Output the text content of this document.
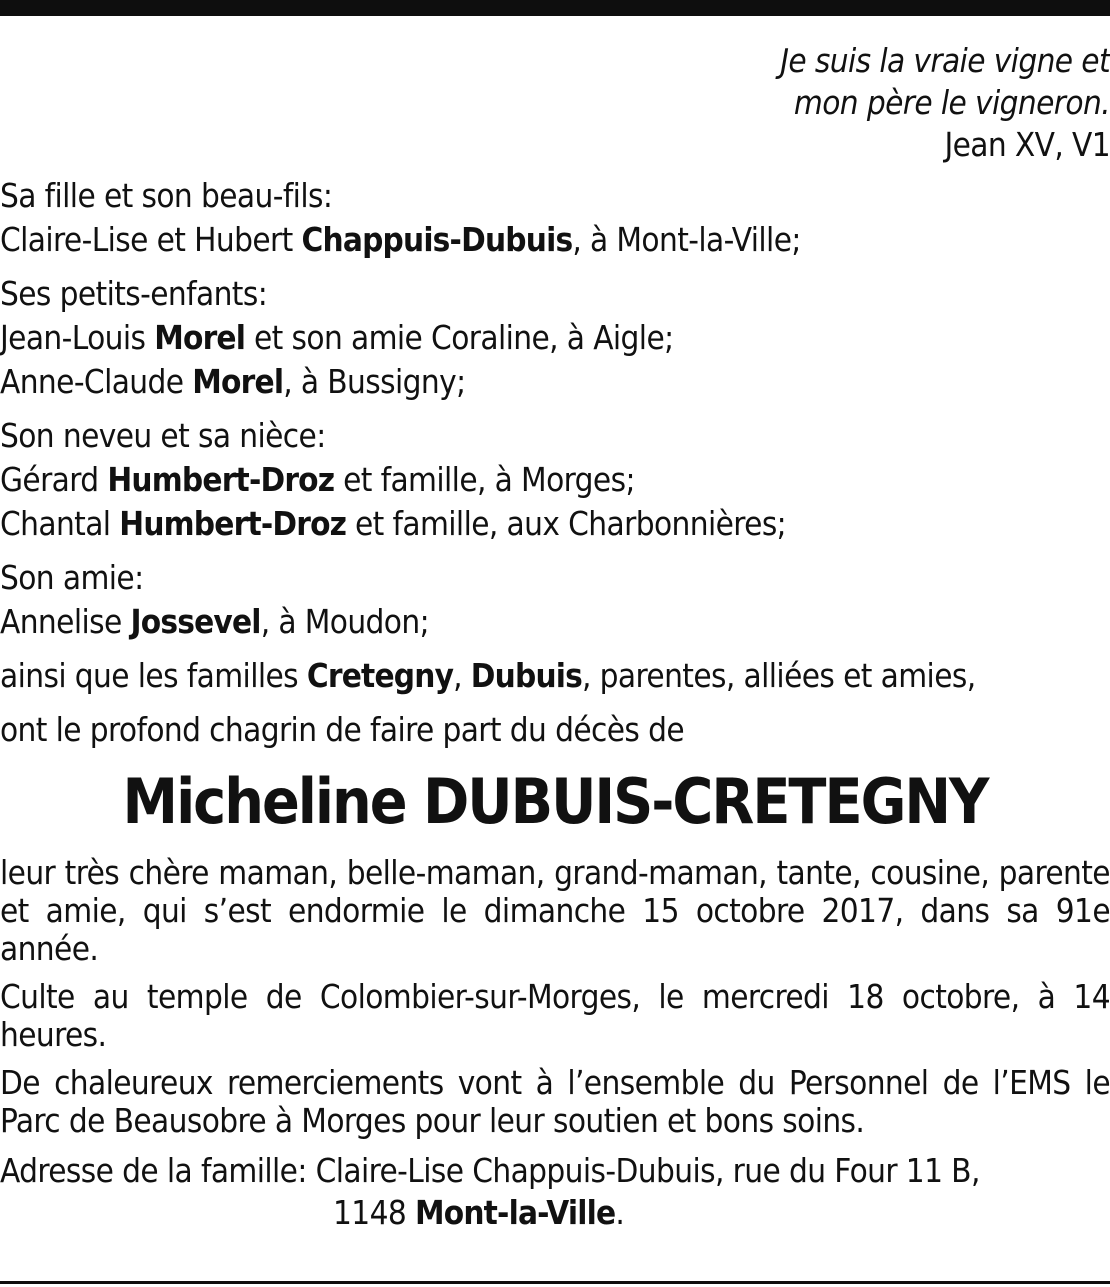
Je suis la vraie vigne et
mon père le vigneron.
Jean XV, V1
Sa fille et son beau-fils:
Claire-Lise et Hubert Chappuis-Dubuis, à Mont-la-Ville;
Ses petits-enfants:
Jean-Louis Morel et son amie Coraline, à Aigle;
Anne-Claude Morel, à Bussigny;
Son neveu et sa nièce:
Gérard Humbert-Droz et famille, à Morges;
Chantal Humbert-Droz et famille, aux Charbonnières;
Son amie:
Annelise Jossevel, à Moudon;
ainsi que les familles Cretegny, Dubuis, parentes, alliées et amies,
ont le profond chagrin de faire part du décès de
Micheline DUBUIS-CRETEGNY

leur très chère maman, belle-maman, grand-maman, tante, cousine, parente et amie, qui s’est endormie le dimanche 15 octobre 2017, dans sa 91e année.

Culte au temple de Colombier-sur-Morges, le mercredi 18 octobre, à 14 heures.

De chaleureux remerciements vont à l’ensemble du Personnel de l’EMS le Parc de Beausobre à Morges pour leur soutien et bons soins.

Adresse de la famille: Claire-Lise Chappuis-Dubuis, rue du Four 11 B,
1148 Mont-la-Ville.
